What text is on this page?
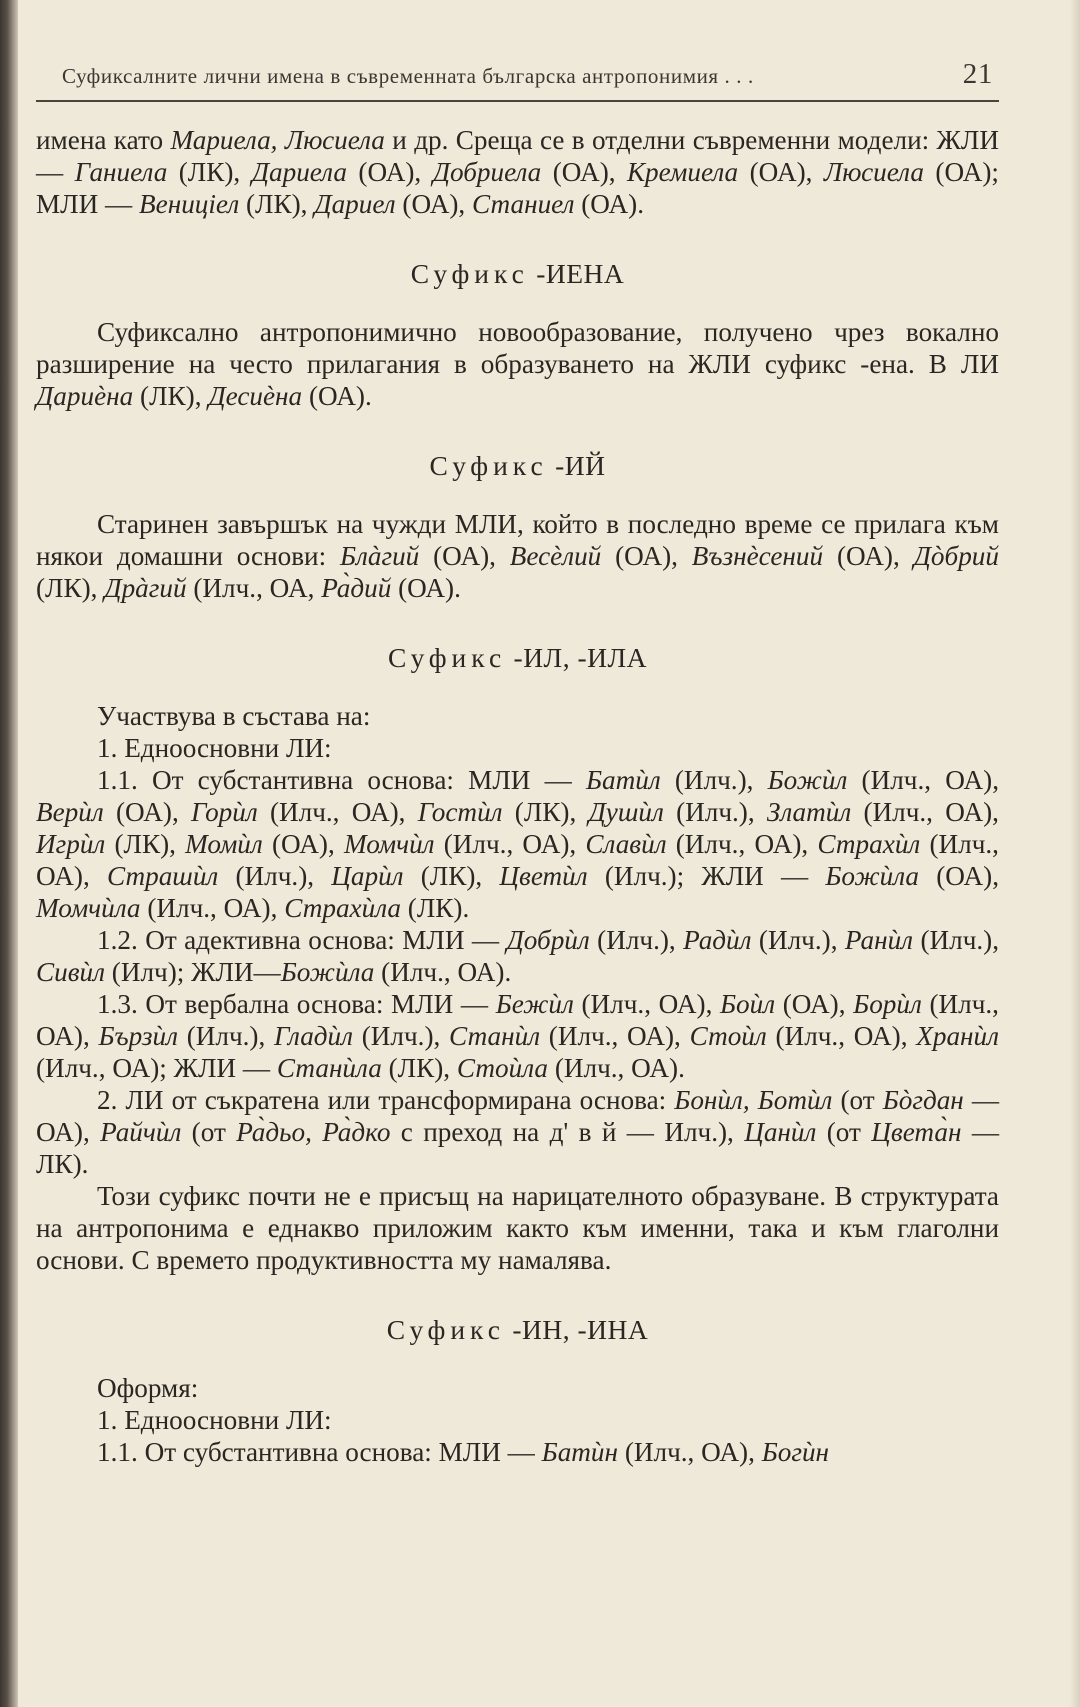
Суфиксалните лични имена в съвременната българска антропонимия . . .	21

имена като Мариела, Люсиела и др. Среща се в отделни съвременни модели: ЖЛИ — Ганиела (ЛК), Дариела (ОА), Добриела (ОА), Кремиела (ОА), Люсиела (ОА); МЛИ — Вениціел (ЛК), Дариел (ОА), Станиел (ОА).

Суфикс -ИЕНА

Суфиксално антропонимично новообразование, получено чрез вокално разширение на често прилагания в образуването на ЖЛИ суфикс -ена. В ЛИ Дариèна (ЛК), Десиèна (ОА).

Суфикс -ИЙ

Старинен завършък на чужди МЛИ, който в последно време се прилага към някои домашни основи: Блàгий (ОА), Весèлий (ОА), Възнèсений (ОА), Дòбрий (ЛК), Дрàгий (Илч., ОА, Ра̀дий (ОА).

Суфикс -ИЛ, -ИЛА

Участвува в състава на:

1. Едноосновни ЛИ:

1.1. От субстантивна основа: МЛИ — Батѝл (Илч.), Божѝл (Илч., ОА), Верѝл (ОА), Горѝл (Илч., ОА), Гостѝл (ЛК), Душѝл (Илч.), Златѝл (Илч., ОА), Игрѝл (ЛК), Момѝл (ОА), Момчѝл (Илч., ОА), Славѝл (Илч., ОА), Страхѝл (Илч., ОА), Страшѝл (Илч.), Царѝл (ЛК), Цветѝл (Илч.); ЖЛИ — Божѝла (ОА), Момчѝла (Илч., ОА), Страхѝла (ЛК).

1.2. От адективна основа: МЛИ — Добрѝл (Илч.), Радѝл (Илч.), Ранѝл (Илч.), Сивѝл (Илч); ЖЛИ—Божѝла (Илч., ОА).

1.3. От вербална основа: МЛИ — Бежѝл (Илч., ОА), Боѝл (ОА), Борѝл (Илч., ОА), Бързѝл (Илч.), Гладѝл (Илч.), Станѝл (Илч., ОА), Стоѝл (Илч., ОА), Хранѝл (Илч., ОА); ЖЛИ — Станѝла (ЛК), Стоѝла (Илч., ОА).

2. ЛИ от съкратена или трансформирана основа: Бонѝл, Ботѝл (от Бòгдан — ОА), Райчѝл (от Ра̀дьо, Ра̀дко с преход на д' в й — Илч.), Цанѝл (от Цвета̀н — ЛК).

Този суфикс почти не е присъщ на нарицателното образуване. В структурата на антропонима е еднакво приложим както към именни, така и към глаголни основи. С времето продуктивността му намалява.

Суфикс -ИН, -ИНА

Оформя:

1. Едноосновни ЛИ:

1.1. От субстантивна основа: МЛИ — Батѝн (Илч., ОА), Богѝн
